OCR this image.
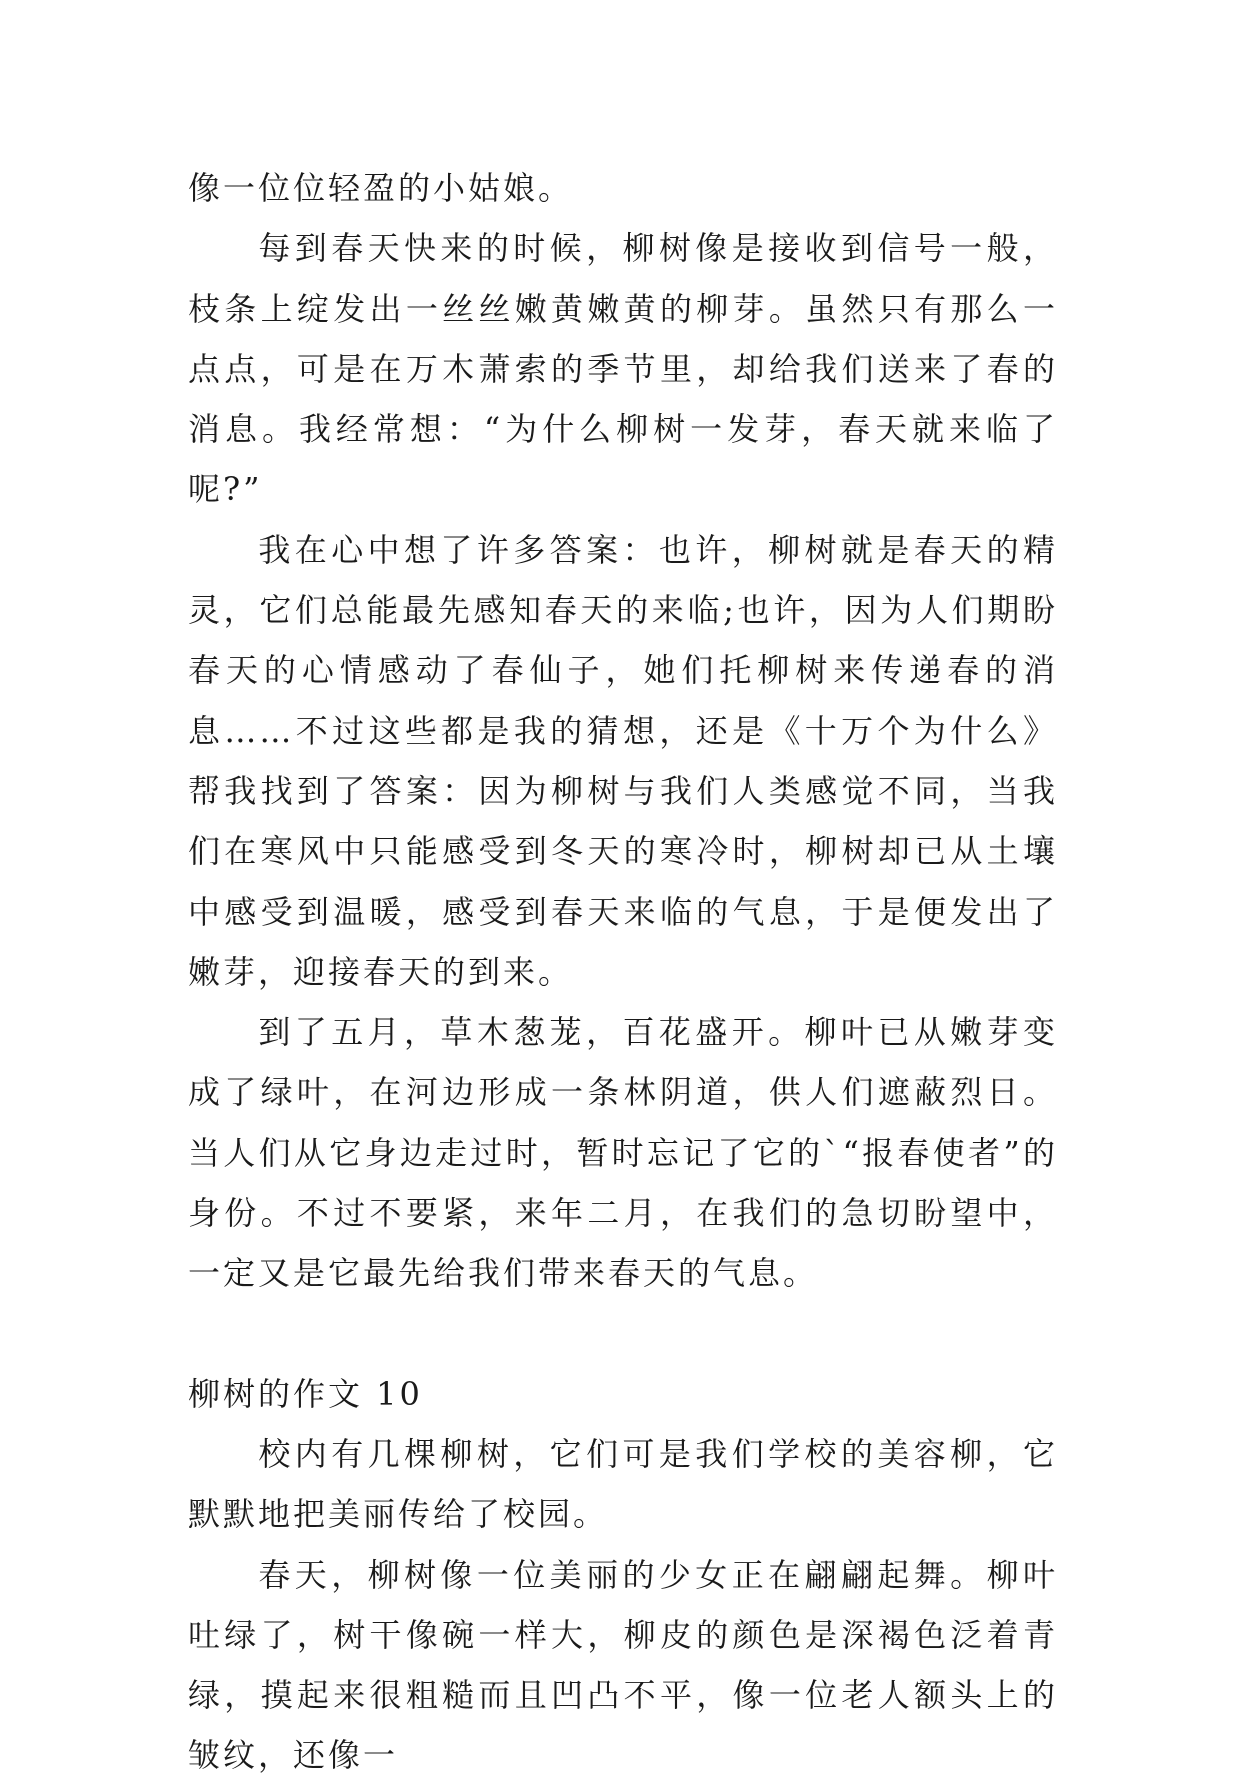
像一位位轻盈的小姑娘。

每到春天快来的时候，柳树像是接收到信号一般，枝条上绽发出一丝丝嫩黄嫩黄的柳芽。虽然只有那么一点点，可是在万木萧索的季节里，却给我们送来了春的消息。我经常想：“为什么柳树一发芽，春天就来临了呢?”

我在心中想了许多答案：也许，柳树就是春天的精灵，它们总能最先感知春天的来临;也许，因为人们期盼春天的心情感动了春仙子，她们托柳树来传递春的消息……不过这些都是我的猜想，还是《十万个为什么》帮我找到了答案：因为柳树与我们人类感觉不同，当我们在寒风中只能感受到冬天的寒冷时，柳树却已从土壤中感受到温暖，感受到春天来临的气息，于是便发出了嫩芽，迎接春天的到来。

到了五月，草木葱茏，百花盛开。柳叶已从嫩芽变成了绿叶，在河边形成一条林阴道，供人们遮蔽烈日。当人们从它身边走过时，暂时忘记了它的`“报春使者”的身份。不过不要紧，来年二月，在我们的急切盼望中，一定又是它最先给我们带来春天的气息。

柳树的作文 10

校内有几棵柳树，它们可是我们学校的美容柳，它默默地把美丽传给了校园。

春天，柳树像一位美丽的少女正在翩翩起舞。柳叶吐绿了，树干像碗一样大，柳皮的颜色是深褐色泛着青绿，摸起来很粗糙而且凹凸不平，像一位老人额头上的皱纹，还像一
